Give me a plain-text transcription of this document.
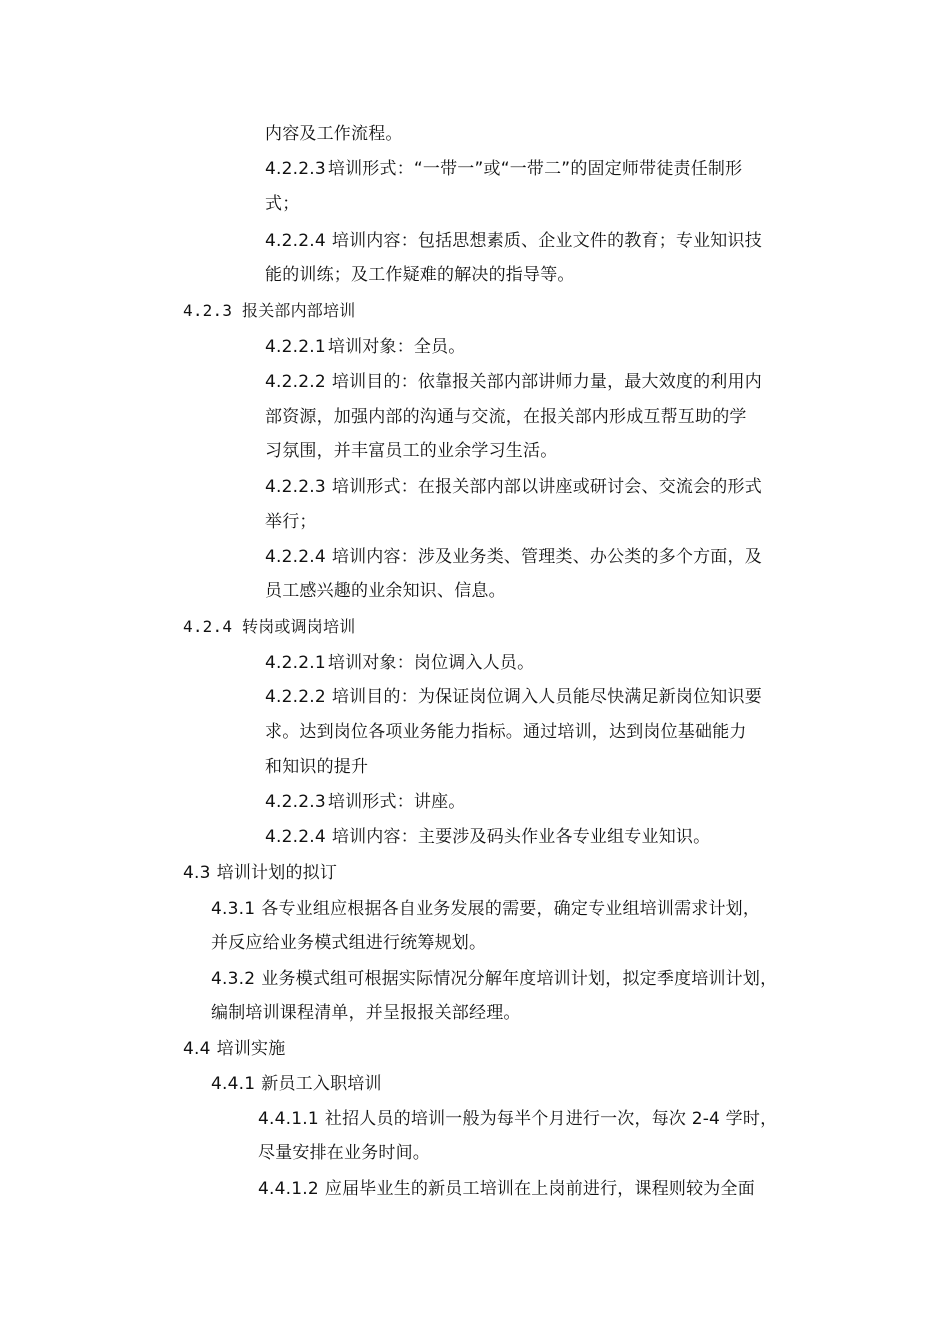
内容及工作流程。
4.2.2.3 培训形式：“一带一”或“一带二”的固定师带徒责任制形
式；
4.2.2.4 培训内容：包括思想素质、企业文件的教育；专业知识技
能的训练；及工作疑难的解决的指导等。
4.2.3 报关部内部培训
4.2.2.1 培训对象：全员。
4.2.2.2 培训目的：依靠报关部内部讲师力量，最大效度的利用内
部资源，加强内部的沟通与交流，在报关部内形成互帮互助的学
习氛围，并丰富员工的业余学习生活。
4.2.2.3 培训形式：在报关部内部以讲座或研讨会、交流会的形式
举行；
4.2.2.4 培训内容：涉及业务类、管理类、办公类的多个方面，及
员工感兴趣的业余知识、信息。
4.2.4 转岗或调岗培训
4.2.2.1 培训对象：岗位调入人员。
4.2.2.2 培训目的：为保证岗位调入人员能尽快满足新岗位知识要
求。达到岗位各项业务能力指标。通过培训，达到岗位基础能力
和知识的提升
4.2.2.3 培训形式：讲座。
4.2.2.4 培训内容：主要涉及码头作业各专业组专业知识。
4.3 培训计划的拟订
4.3.1 各专业组应根据各自业务发展的需要，确定专业组培训需求计划，
并反应给业务模式组进行统筹规划。
4.3.2 业务模式组可根据实际情况分解年度培训计划，拟定季度培训计划，
编制培训课程清单，并呈报报关部经理。
4.4 培训实施
4.4.1 新员工入职培训
4.4.1.1 社招人员的培训一般为每半个月进行一次，每次 2-4 学时，
尽量安排在业务时间。
4.4.1.2 应届毕业生的新员工培训在上岗前进行，课程则较为全面
